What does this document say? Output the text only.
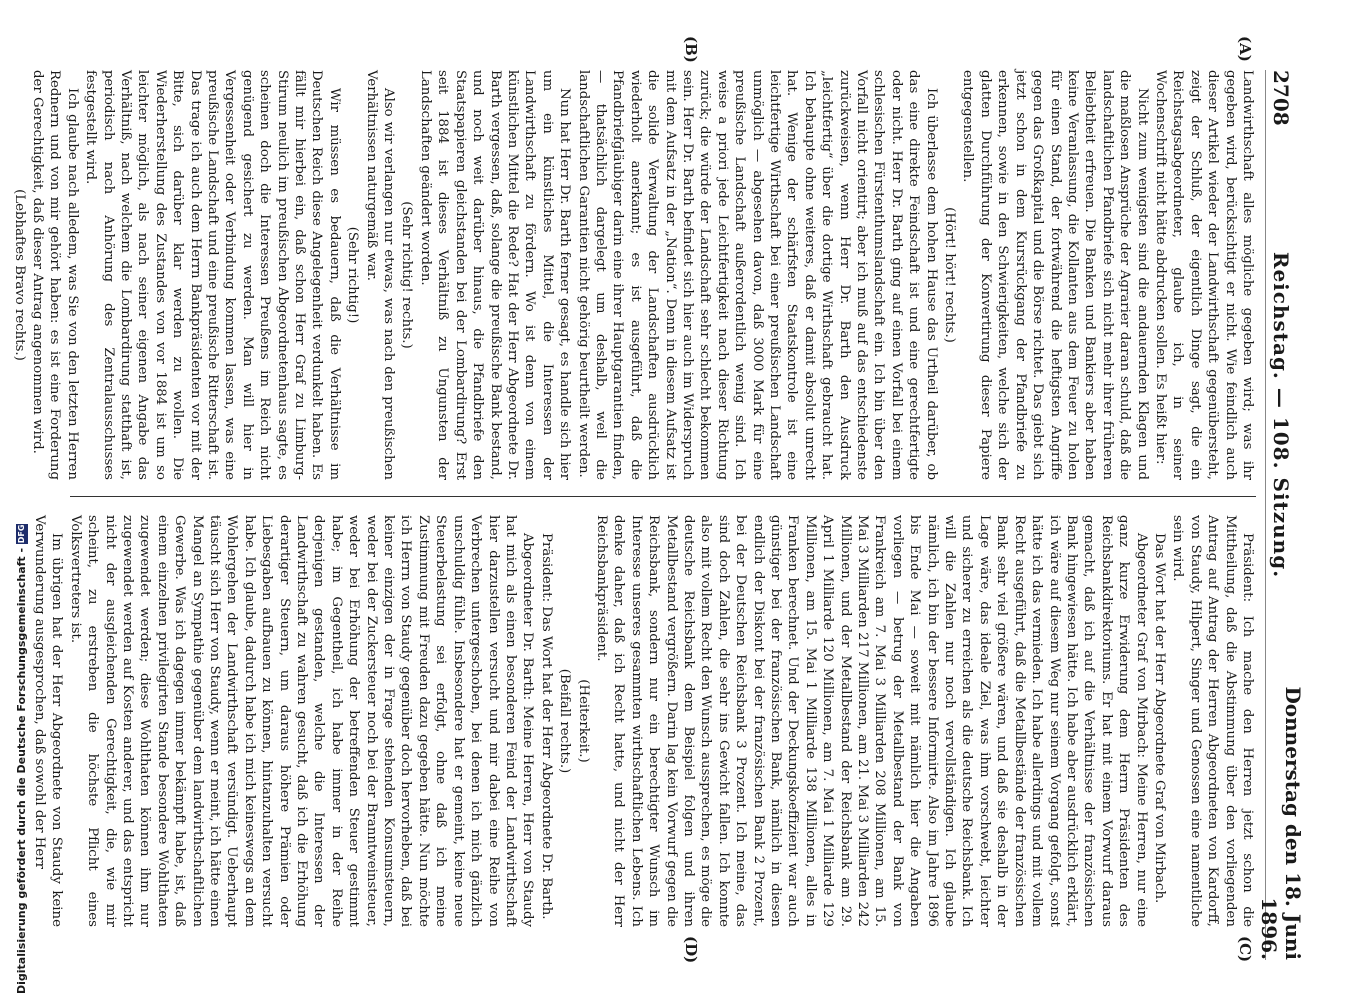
2708
Reichstag. — 108. Sitzung.
Donnerstag den 18. Juni 1896.
(A)
(B)
(C)
(D)

Landwirthschaft alles mögliche gegeben wird; was ihr gegeben wird, berücksichtigt er nicht. Wie feindlich auch dieser Artikel wieder der Landwirthschaft gegenübersteht, zeigt der Schluß, der eigentlich Dinge sagt, die ein Reichstagsabgeordneter, glaube ich, in seiner Wochenschrift nicht hätte abdrucken sollen. Es heißt hier:

Nicht zum wenigsten sind die andauernden Klagen und die maßlosen Ansprüche der Agrarier daran schuld, daß die landschaftlichen Pfandbriefe sich nicht mehr ihrer früheren Beliebtheit erfreuen. Die Banken und Bankiers aber haben keine Veranlassung, die Kollanten aus dem Feuer zu holen für einen Stand, der fortwährend die heftigsten Angriffe gegen das Großkapital und die Börse richtet. Das giebt sich jetzt schon in dem Kursrückgang der Pfandbriefe zu erkennen, sowie in den Schwierigkeiten, welche sich der glatten Durchführung der Konvertirung dieser Papiere entgegenstellen.

(Hört! hört! rechts.)

Ich überlasse dem hohen Hause das Urtheil darüber, ob das eine direkte Feindschaft ist und eine gerechtfertigte oder nicht. Herr Dr. Barth ging auf einen Vorfall bei einem schlesischen Fürstenthumslandschaft ein. Ich bin über den Vorfall nicht orientirt; aber ich muß auf das entschiedenste zurückweisen, wenn Herr Dr. Barth den Ausdruck „leichtfertig“ über die dortige Wirthschaft gebraucht hat. Ich behaupte ohne weiteres, daß er damit absolut unrecht hat. Wenige der schärfsten Staatskontrole ist eine leichtfertige Wirthschaft bei einer preußischen Landschaft unmöglich — abgesehen davon, daß 3000 Mark für eine preußische Landschaft außerordentlich wenig sind. Ich weise a priori jede Leichtfertigkeit nach dieser Richtung zurück; die würde der Landschaft sehr schlecht bekommen sein. Herr Dr. Barth befindet sich hier auch im Widerspruch mit dem Aufsatz in der „Nation“. Denn in diesem Aufsatz ist die solide Verwaltung der Landschaften ausdrücklich wiederholt anerkannt; es ist ausgeführt, daß die Pfandbriefgläubiger darin eine ihrer Hauptgarantien finden, — thatsächlich dargelegt um deshalb, weil die landschaftlichen Garantien nicht gehörig beurtheilt werden.

Nun hat Herr Dr. Barth ferner gesagt, es handle sich hier um ein künstliches Mittel, die Interessen der Landwirthschaft zu fördern. Wo ist denn von einem künstlichen Mittel die Rede? Hat der Herr Abgeordnete Dr. Barth vergessen, daß, solange die preußische Bank bestand, und noch weit darüber hinaus, die Pfandbriefe den Staatspapieren gleichstanden bei der Lombardirung? Erst seit 1884 ist dieses Verhältniß zu Ungunsten der Landschaften geändert worden.

(Sehr richtig! rechts.)

Also wir verlangen nur etwas, was nach den preußischen Verhältnissen naturgemäß war.

(Sehr richtig!)

Wir müssen es bedauern, daß die Verhältnisse im Deutschen Reich diese Angelegenheit verdunkelt haben. Es fällt mir hierbei ein, daß schon Herr Graf zu Limburg-Stirum neulich im preußischen Abgeordnetenhaus sagte, es scheinen doch die Interessen Preußens im Reich nicht genügend gesichert zu werden. Man will hier in Vergessenheit oder Verbindung kommen lassen, was eine preußische Landschaft und eine preußische Ritterschaft ist. Das trage ich auch dem Herrn Bankpräsidenten vor mit der Bitte, sich darüber klar werden zu wollen. Die Wiederherstellung des Zustandes von vor 1884 ist um so leichter möglich, als nach seiner eigenen Angabe das Verhältniß, nach welchem die Lombardirung statthaft ist, periodisch nach Anhörung des Zentralausschusses festgestellt wird.

Ich glaube nach alledem, was Sie von den letzten Herren Rednern und von mir gehört haben: es ist eine Forderung der Gerechtigkeit, daß dieser Antrag angenommen wird.

(Lebhaftes Bravo rechts.)

Präsident: Ich mache den Herren jetzt schon die Mittheilung, daß die Abstimmung über den vorliegenden Antrag auf Antrag der Herren Abgeordneten von Kardorff, von Staudy, Hilpert, Singer und Genossen eine namentliche sein wird.

Das Wort hat der Herr Abgeordnete Graf von Mirbach.

Abgeordneter Graf von Mirbach: Meine Herren, nur eine ganz kurze Erwiderung dem Herrn Präsidenten des Reichsbankdirektoriums. Er hat mit einem Vorwurf daraus gemacht, daß ich auf die Verhältnisse der französischen Bank hingewiesen hätte. Ich habe aber ausdrücklich erklärt, ich wäre auf diesem Weg nur seinem Vorgang gefolgt, sonst hätte ich das vermieden. Ich habe allerdings und mit vollem Recht ausgeführt, daß die Metallbestände der französischen Bank sehr viel größere wären, und daß sie deshalb in der Lage wäre, das ideale Ziel, was ihm vorschwebt, leichter und sicherer zu erreichen als die deutsche Reichsbank. Ich will die Zahlen nur noch vervollständigen. Ich glaube nämlich, ich bin der bessere Informirte. Also im Jahre 1896 bis Ende Mai — soweit mit nämlich hier die Angaben vorliegen — betrug der Metallbestand der Bank von Frankreich am 7. Mai 3 Milliarden 208 Millionen, am 15. Mai 3 Milliarden 217 Millionen, am 21. Mai 3 Milliarden 242 Millionen, und der Metallbestand der Reichsbank am 29. April 1 Milliarde 120 Millionen, am 7. Mai 1 Milliarde 129 Millionen, am 15. Mai 1 Milliarde 138 Millionen, alles in Franken berechnet. Und der Deckungskoeffizient war auch günstiger bei der französischen Bank, nämlich in diesen endlich der Diskont bei der französischen Bank 2 Prozent, bei der Deutschen Reichsbank 3 Prozent. Ich meine, das sind doch Zahlen, die sehr ins Gewicht fallen. Ich konnte also mit vollem Recht den Wunsch aussprechen, es möge die deutsche Reichsbank dem Beispiel folgen und ihren Metallbestand vergrößern. Darin lag kein Vorwurf gegen die Reichsbank, sondern nur ein berechtigter Wunsch im Interesse unseres gesammten wirthschaftlichen Lebens. Ich denke daher, daß ich Recht hatte, und nicht der Herr Reichsbankpräsident.

(Heiterkeit.)

(Beifall rechts.)

Präsident: Das Wort hat der Herr Abgeordnete Dr. Barth.

Abgeordneter Dr. Barth: Meine Herren, Herr von Staudy hat mich als einen besonderen Feind der Landwirthschaft hier darzustellen versucht und mir dabei eine Reihe von Verbrechen untergeschoben, bei denen ich mich gänzlich unschuldig fühle. Insbesondere hat er gemeint, keine neue Steuerbelastung sei erfolgt, ohne daß ich meine Zustimmung mit Freuden dazu gegeben hätte. Nun möchte ich Herrn von Staudy gegenüber doch hervorheben, daß bei keiner einzigen der in Frage stehenden Konsumsteuern, weder bei der Zuckersteuer noch bei der Branntweinsteuer, weder bei Erhöhung der betreffenden Steuer gestimmt habe; im Gegentheil, ich habe immer in der Reihe derjenigen gestanden, welche die Interessen der Landwirthschaft zu wahren gesucht, daß ich die Erhöhung derartiger Steuern, um daraus höhere Prämien oder Liebesgaben aufbauen zu können, hintanzuhalten versucht habe. Ich glaube, dadurch habe ich mich keineswegs an dem Wohlergehen der Landwirthschaft versündigt. Ueberhaupt täuscht sich Herr von Staudy, wenn er meint, ich hätte einen Mangel an Sympathie gegenüber dem landwirthschaftlichen Gewerbe. Was ich dagegen immer bekämpft habe, ist, daß einem einzelnen privilegirten Stande besondere Wohlthaten zugewendet werden; diese Wohlthaten können ihm nur zugewendet werden auf Kosten anderer, und das entspricht nicht der ausgleichenden Gerechtigkeit, die, wie mir scheint, zu erstreben die höchste Pflicht eines Volksvertreters ist.

Im übrigen hat der Herr Abgeordnete von Staudy keine Verwunderung ausgesprochen, daß sowohl der Herr

Digitalisierung gefördert durch die Deutsche Forschungsgemeinschaft -
DFG
